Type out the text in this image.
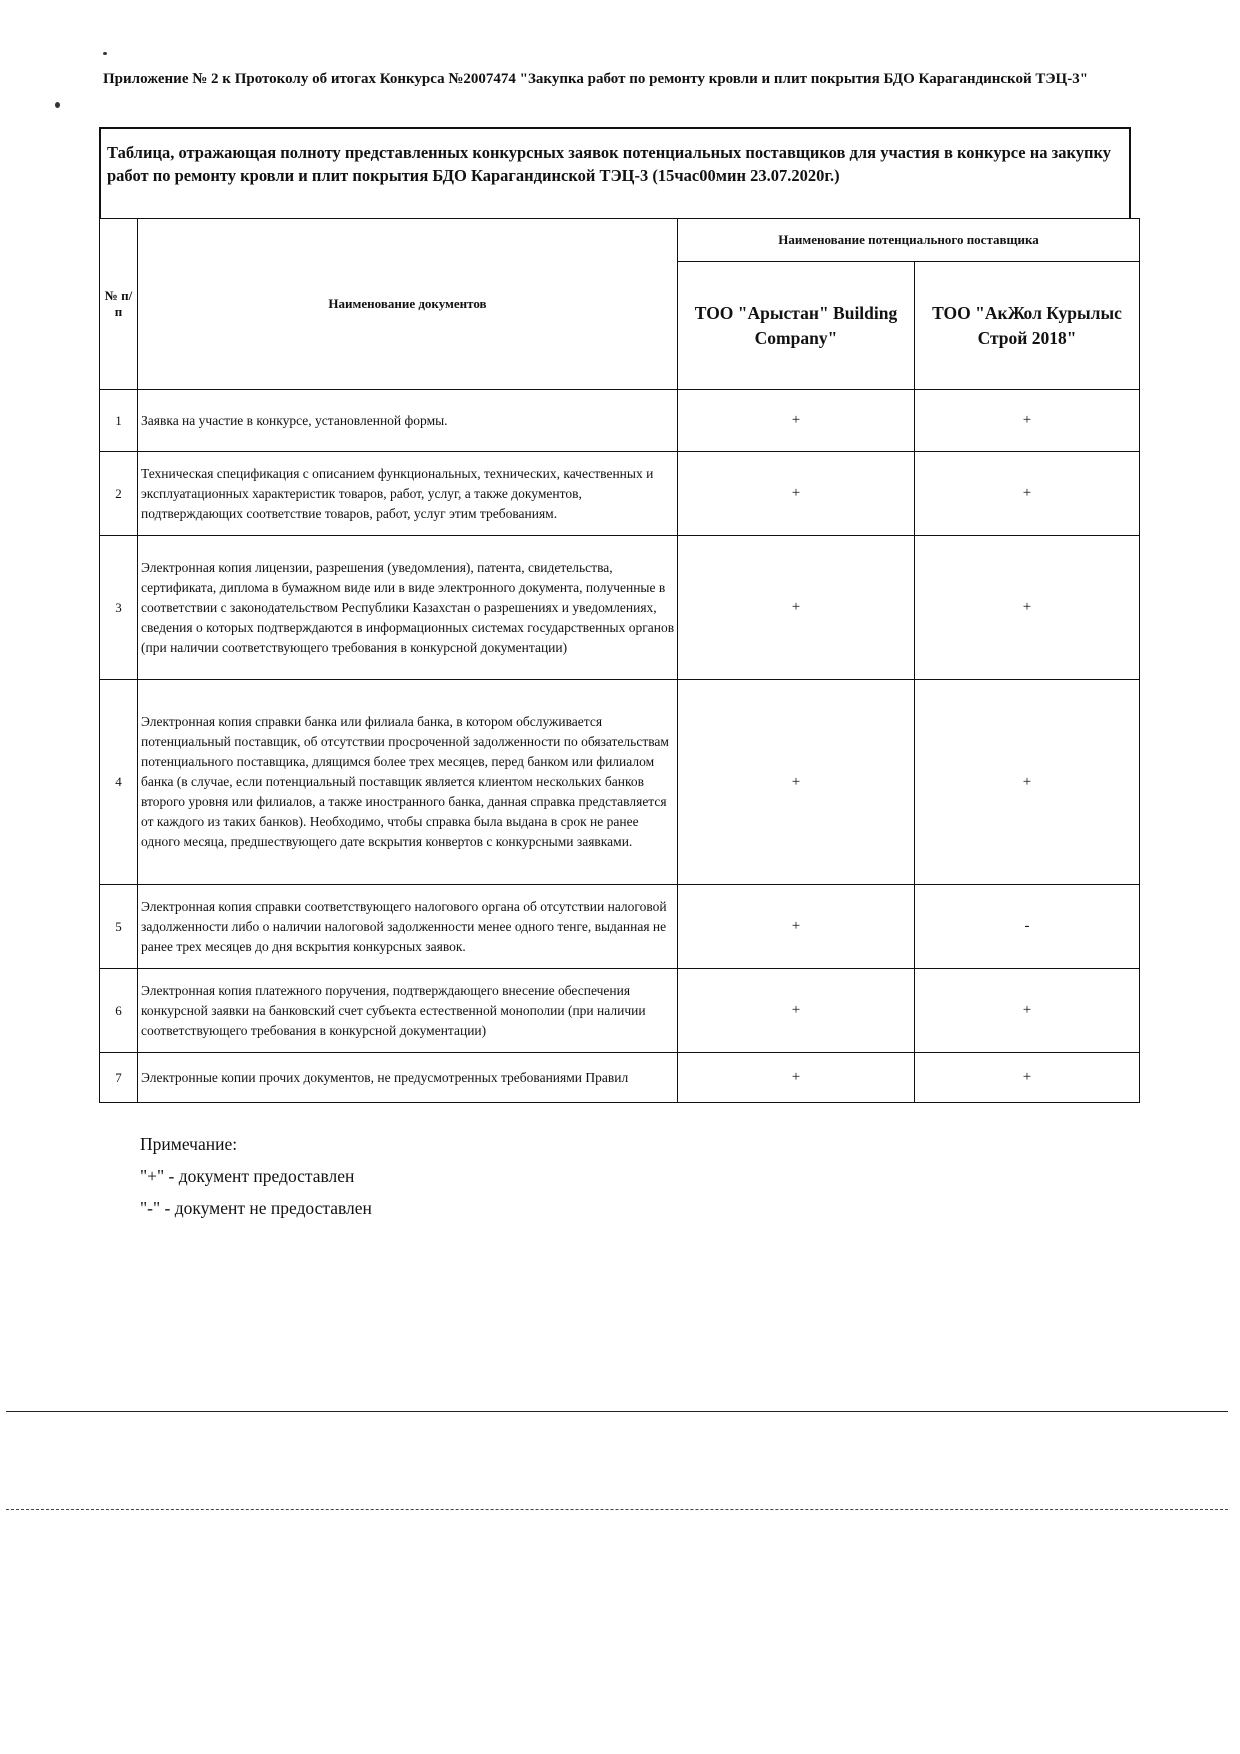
Приложение № 2 к Протоколу об итогах Конкурса №2007474 "Закупка работ по ремонту кровли и плит покрытия БДО Карагандинской ТЭЦ-3"
Таблица, отражающая полноту представленных конкурсных заявок потенциальных поставщиков для участия в конкурсе на закупку работ по ремонту кровли и плит покрытия БДО Карагандинской ТЭЦ-3 (15час00мин 23.07.2020г.)
№ п/п	Наименование документов	Наименование потенциального поставщика	
		ТОО "Арыстан" Building Company"	ТОО "АкЖол Курылыс Строй 2018"
1	Заявка на участие в конкурсе, установленной формы.	+	+
2	Техническая спецификация с описанием функциональных, технических, качественных и эксплуатационных характеристик товаров, работ, услуг, а также документов, подтверждающих соответствие товаров, работ, услуг этим требованиям.	+	+
3	Электронная копия лицензии, разрешения (уведомления), патента, свидетельства, сертификата, диплома в бумажном виде или в виде электронного документа, полученные в соответствии с законодательством Республики Казахстан о разрешениях и уведомлениях, сведения о которых подтверждаются в информационных системах государственных органов (при наличии соответствующего требования в конкурсной документации)	+	+
4	Электронная копия справки банка или филиала банка, в котором обслуживается потенциальный поставщик, об отсутствии просроченной задолженности по обязательствам потенциального поставщика, длящимся более трех месяцев, перед банком или филиалом банка (в случае, если потенциальный поставщик является клиентом нескольких банков второго уровня или филиалов, а также иностранного банка, данная справка представляется от каждого из таких банков). Необходимо, чтобы справка была выдана в срок не ранее одного месяца, предшествующего дате вскрытия конвертов с конкурсными заявками.	+	+
5	Электронная копия справки соответствующего налогового органа об отсутствии налоговой задолженности либо о наличии налоговой задолженности менее одного тенге, выданная не ранее трех месяцев до дня вскрытия конкурсных заявок.	+	-
6	Электронная копия платежного поручения, подтверждающего внесение обеспечения конкурсной заявки на банковский счет субъекта естественной монополии (при наличии соответствующего требования в конкурсной документации)	+	+
7	Электронные копии прочих документов, не предусмотренных требованиями Правил	+	+
Примечание:
"+" - документ предоставлен
"-" - документ не предоставлен
